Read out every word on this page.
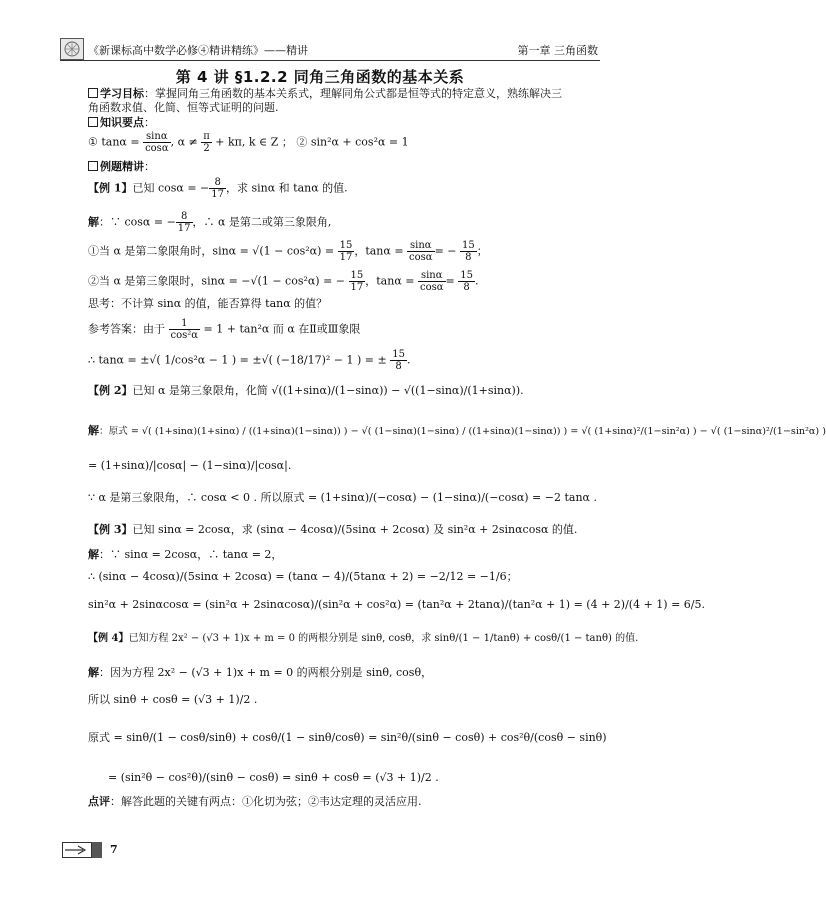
《新课标高中数学必修④精讲精练》——精讲	第一章 三角函数
第 4 讲 §1.2.2 同角三角函数的基本关系
学习目标：掌握同角三角函数的基本关系式，理解同角公式都是恒等式的特定意义，熟练解决三
角函数求值、化简、恒等式证明的问题.
知识要点：
① $\tan\alpha = \frac{\sin\alpha}{\cos\alpha}$ , $\alpha \ne \frac{\pi}{2} + k\pi$, k ∈ Z ； ② sin²α + cos²α = 1
例题精讲：
【例 1】已知 cosα = − $\frac{8}{17}$ ，求 sinα 和 tanα 的值.
解：∵ cosα = − $\frac{8}{17}$ ，∴ α 是第二或第三象限角,
①当 α 是第二象限角时，$\sin\alpha = √(1 - \cos^2\alpha) = \frac{15}{17}$ ，$\tan\alpha = \frac{\sin\alpha}{\cos\alpha}$ = − $\frac{15}{8}$ ；
②当 α 是第三象限时，sinα = −√(1 − cos²α) = − $\frac{15}{17}$ ，$\tan\alpha = \frac{\sin\alpha}{\cos\alpha} = \frac{15}{8}$ .
思考：不计算 sinα 的值，能否算得 tanα 的值？
参考答案：由于 $\frac{1}{\text{cos²α}} = 1 + \tan^2\alpha$ 而 α 在Ⅱ或Ⅲ象限
∴ tanα = ±√( 1/cos²α − 1 ) = ±√( (−18/17)² − 1 ) = ± $\frac{15}{8}$ .
【例 2】已知 α 是第三象限角，化简 √((1+sinα)/(1−sinα)) − √((1−sinα)/(1+sinα)).
解：原式 = √( (1+sinα)(1+sinα) / ((1+sinα)(1−sinα)) ) − √( (1−sinα)(1−sinα) / ((1+sinα)(1−sinα)) ) = √( (1+sinα)²/(1−sin²α) ) − √( (1−sinα)²/(1−sin²α) )
= (1+sinα)/|cosα| − (1−sinα)/|cosα|.
∵ α 是第三象限角，∴ cosα < 0 . 所以原式 = (1+sinα)/(−cosα) − (1−sinα)/(−cosα) = −2 tanα .
【例 3】已知 sinα = 2cosα，求 (sinα − 4cosα)/(5sinα + 2cosα) 及 sin²α + 2sinαcosα 的值.
解：∵ sinα = 2cosα，∴ tanα = 2，
∴ (sinα − 4cosα)/(5sinα + 2cosα) = (tanα − 4)/(5tanα + 2) = −2/12 = −1/6；
sin²α + 2sinαcosα = (sin²α + 2sinαcosα)/(sin²α + cos²α) = (tan²α + 2tanα)/(tan²α + 1) = (4 + 2)/(4 + 1) = 6/5.
【例 4】已知方程 2x² − (√3 + 1)x + m = 0 的两根分别是 sinθ, cosθ，求 sinθ/(1 − 1/tanθ) + cosθ/(1 − tanθ) 的值.
解：因为方程 2x² − (√3 + 1)x + m = 0 的两根分别是 sinθ, cosθ，
所以 sinθ + cosθ = (√3 + 1)/2 .
原式 = sinθ/(1 − cosθ/sinθ) + cosθ/(1 − sinθ/cosθ) = sin²θ/(sinθ − cosθ) + cos²θ/(cosθ − sinθ)
= (sin²θ − cos²θ)/(sinθ − cosθ) = sinθ + cosθ = (√3 + 1)/2 .
点评：解答此题的关键有两点：①化切为弦；②韦达定理的灵活应用.
7
